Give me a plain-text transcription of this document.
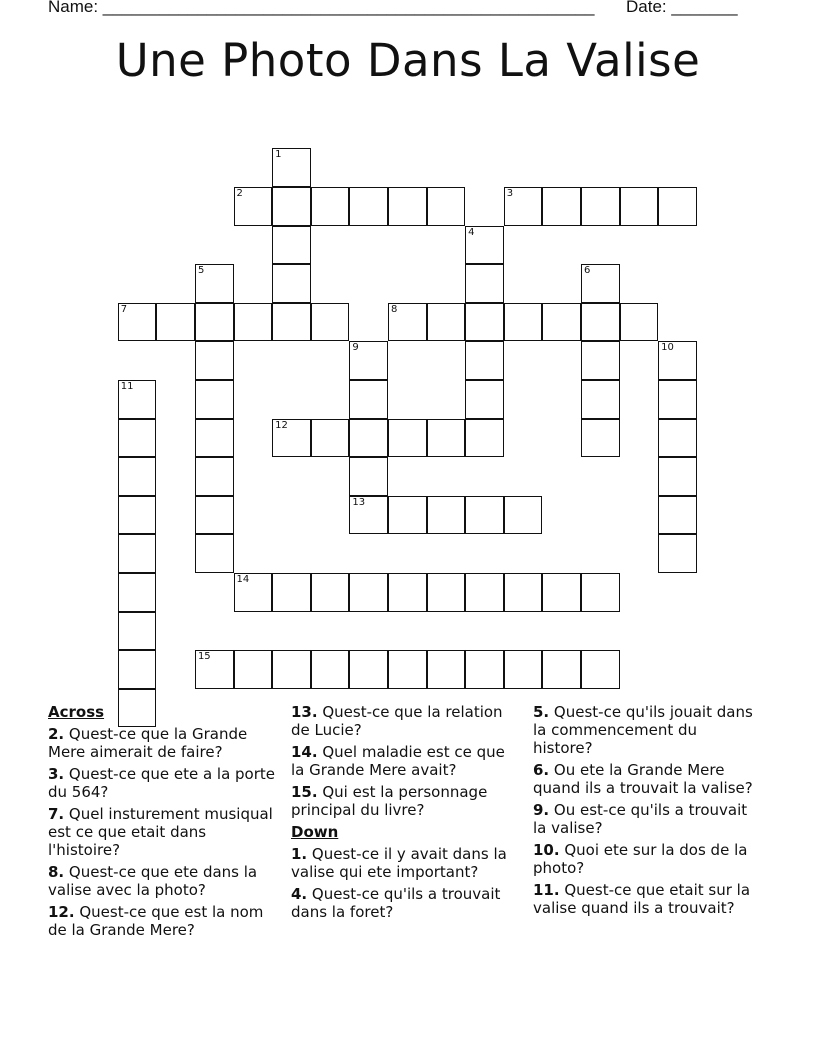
Name: ____________________________________________________ Date: _______
Une Photo Dans La Valise
1
2	3
4
5	6
7	8
9	10
11
12
13
14
15
Across
2. Quest-ce que la Grande Mere aimerait de faire?
3. Quest-ce que ete a la porte du 564?
7. Quel insturement musiqual est ce que etait dans l'histoire?
8. Quest-ce que ete dans la valise avec la photo?
12. Quest-ce que est la nom de la Grande Mere?
13. Quest-ce que la relation de Lucie?
14. Quel maladie est ce que la Grande Mere avait?
15. Qui est la personnage principal du livre?
Down
1. Quest-ce il y avait dans la valise qui ete important?
4. Quest-ce qu'ils a trouvait dans la foret?
5. Quest-ce qu'ils jouait dans la commencement du histore?
6. Ou ete la Grande Mere quand ils a trouvait la valise?
9. Ou est-ce qu'ils a trouvait la valise?
10. Quoi ete sur la dos de la photo?
11. Quest-ce que etait sur la valise quand ils a trouvait?
